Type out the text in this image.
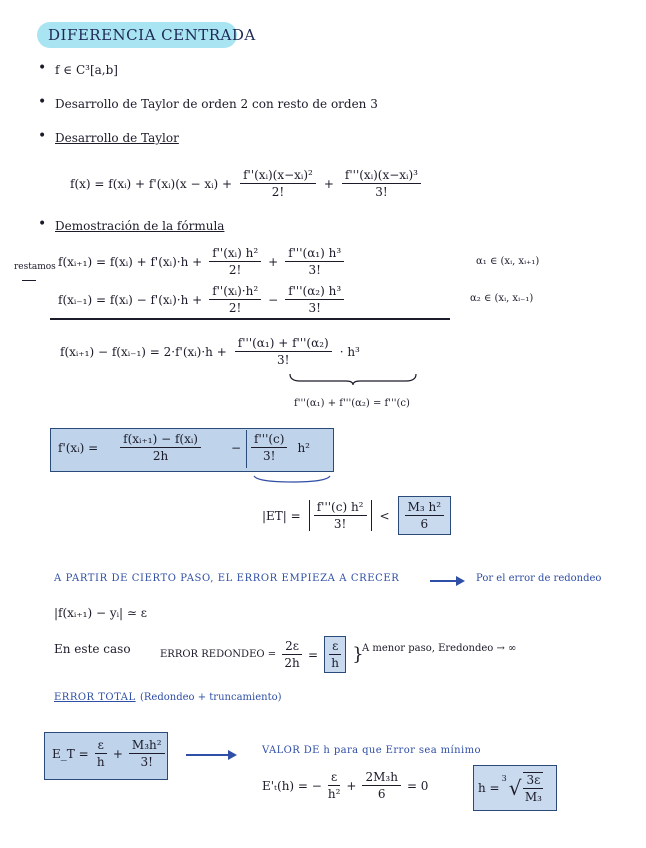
DIFERENCIA CENTRADA
• f ∈ C³[a,b]
• Desarrollo de Taylor de orden 2 con resto de orden 3
• Desarrollo de Taylor
f(x) = f(xᵢ) + f'(xᵢ)(x − xᵢ) + $\frac{\text{f''(xᵢ)(x−xᵢ)²}}{2!} + \frac{\text{f'''(xᵢ)(x−xᵢ)³}}{3!}$
• Demostración de la fórmula
restamos f(xᵢ₊₁) = f(xᵢ) + f'(xᵢ)·h + $\frac{\text{f''(xᵢ) h²}}{2!} + \frac{\text{f'''(α₁) h³}}{3!}$	α₁ ∈ (xᵢ, xᵢ₊₁)
f(xᵢ₋₁) = f(xᵢ) − f'(xᵢ)·h + $\frac{\text{f''(xᵢ)·h²}}{2!} - \frac{\text{f'''(α₂) h³}}{3!}$	α₂ ∈ (xᵢ, xᵢ₋₁)
f(xᵢ₊₁) − f(xᵢ₋₁) = 2·f'(xᵢ)·h + $\frac{\text{f'''(α₁) + f'''(α₂)}}{3!} \cdot h^3$
f'''(α₁) + f'''(α₂) = f'''(c)
f'(xᵢ) = $\frac{\text{f(xᵢ₊₁) − f(xᵢ)}}{2h}$	− $\frac{f'''(c)}{3!} h^2$
$|ET| = \frac{\text{f'''(c) h²}}{3!} < \frac{\text{M₃ h²}}{6}$
A PARTIR DE CIERTO PASO, EL ERROR EMPIEZA A CRECER	Por el error de redondeo
|f(xᵢ₊₁) − yᵢ| ≃ ε
En este caso	ERROR REDONDEO = $\frac{2\varepsilon}{2h} = \frac{\varepsilon}{h}$ }
A menor paso, Eredondeo → ∞
ERROR TOTAL (Redondeo + truncamiento)
E_T = $\frac{\varepsilon}{h} + \frac{\text{M₃h²}}{3!}$	VALOR DE h para que Error sea mínimo
E'ₜ(h) = − $\frac{\varepsilon}{\text{h²}} + \frac{\text{2M₃h}}{6} = 0$	h =
3 √ $\frac{3\varepsilon}{\text{M₃}}$
